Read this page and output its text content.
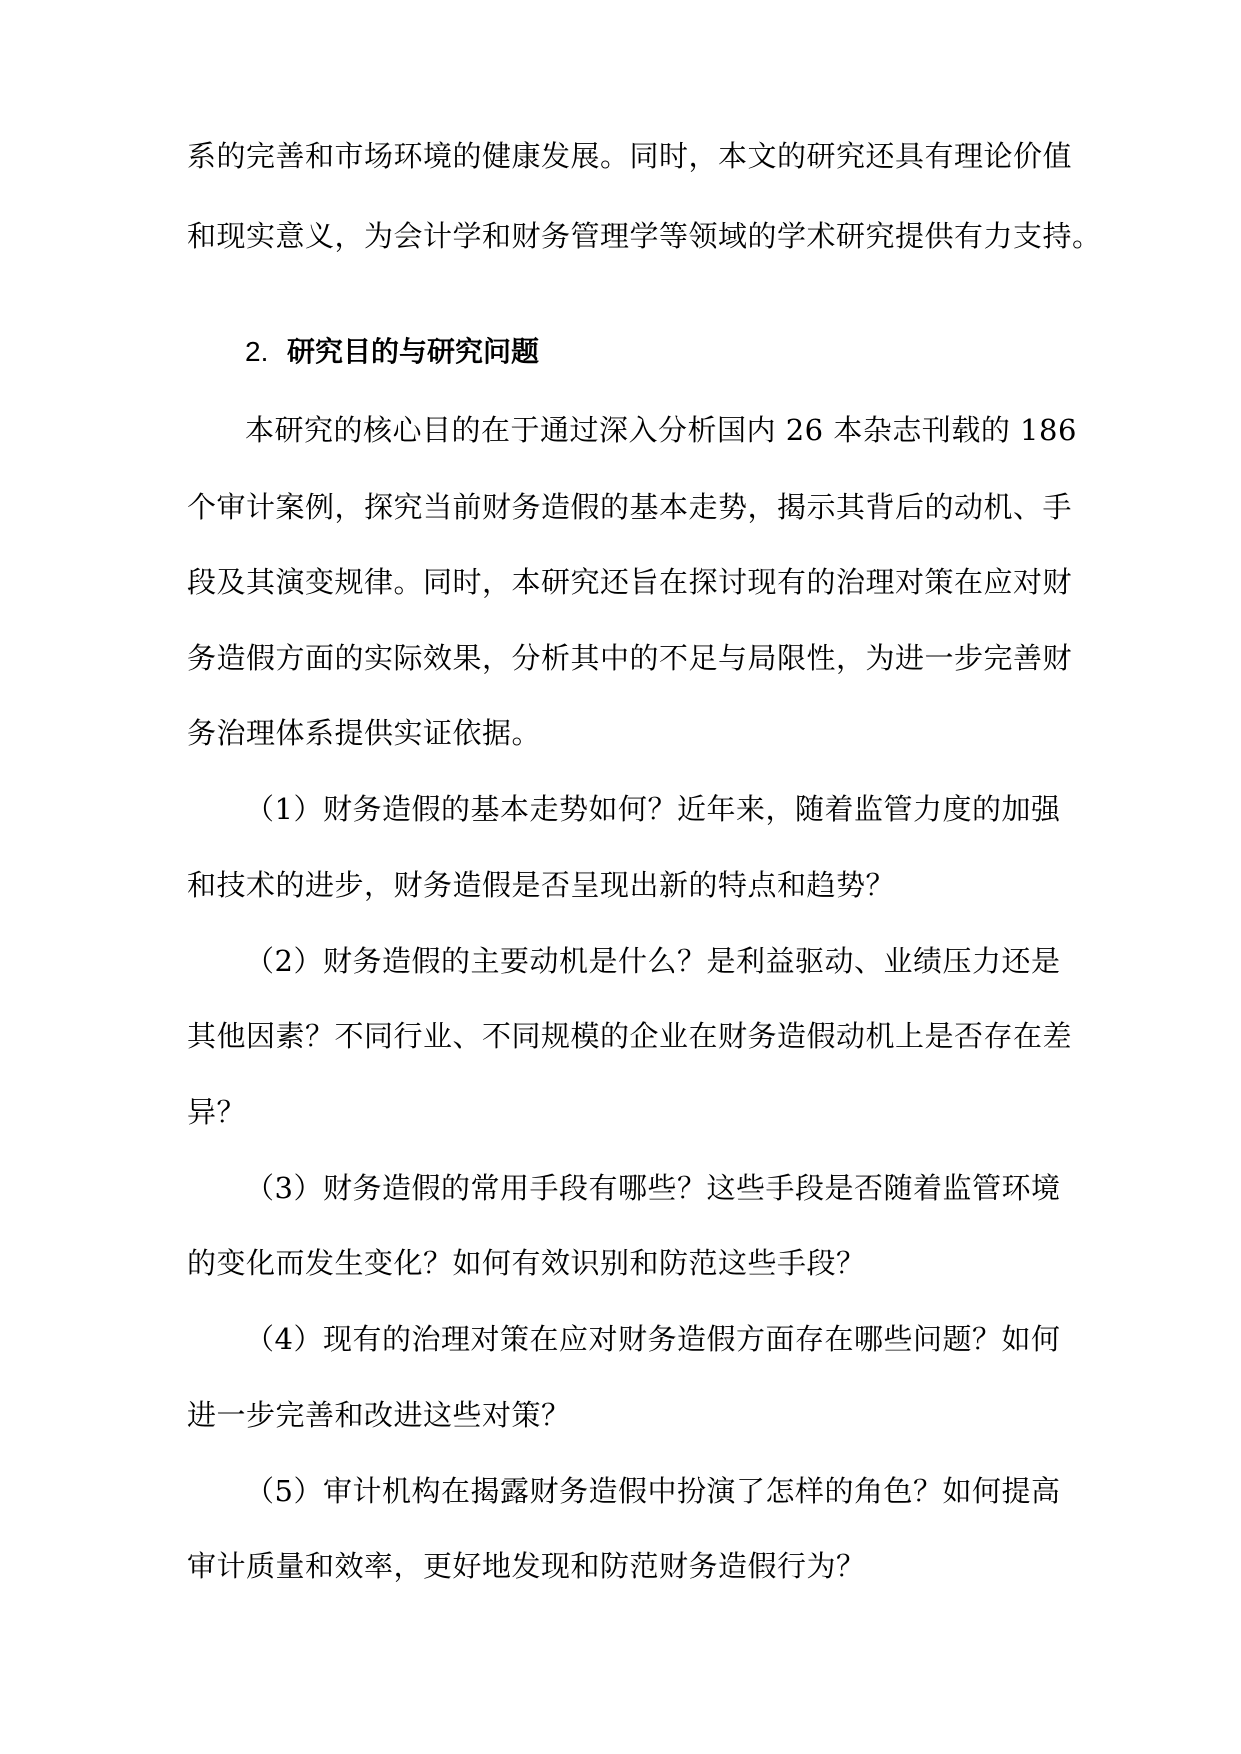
系的完善和市场环境的健康发展。同时，本文的研究还具有理论价值
和现实意义，为会计学和财务管理学等领域的学术研究提供有力支持。
2. 研究目的与研究问题
本研究的核心目的在于通过深入分析国内 26 本杂志刊载的 186
个审计案例，探究当前财务造假的基本走势，揭示其背后的动机、手
段及其演变规律。同时，本研究还旨在探讨现有的治理对策在应对财
务造假方面的实际效果，分析其中的不足与局限性，为进一步完善财
务治理体系提供实证依据。
（1）财务造假的基本走势如何？近年来，随着监管力度的加强
和技术的进步，财务造假是否呈现出新的特点和趋势？
（2）财务造假的主要动机是什么？是利益驱动、业绩压力还是
其他因素？不同行业、不同规模的企业在财务造假动机上是否存在差
异？
（3）财务造假的常用手段有哪些？这些手段是否随着监管环境
的变化而发生变化？如何有效识别和防范这些手段？
（4）现有的治理对策在应对财务造假方面存在哪些问题？如何
进一步完善和改进这些对策？
（5）审计机构在揭露财务造假中扮演了怎样的角色？如何提高
审计质量和效率，更好地发现和防范财务造假行为？
